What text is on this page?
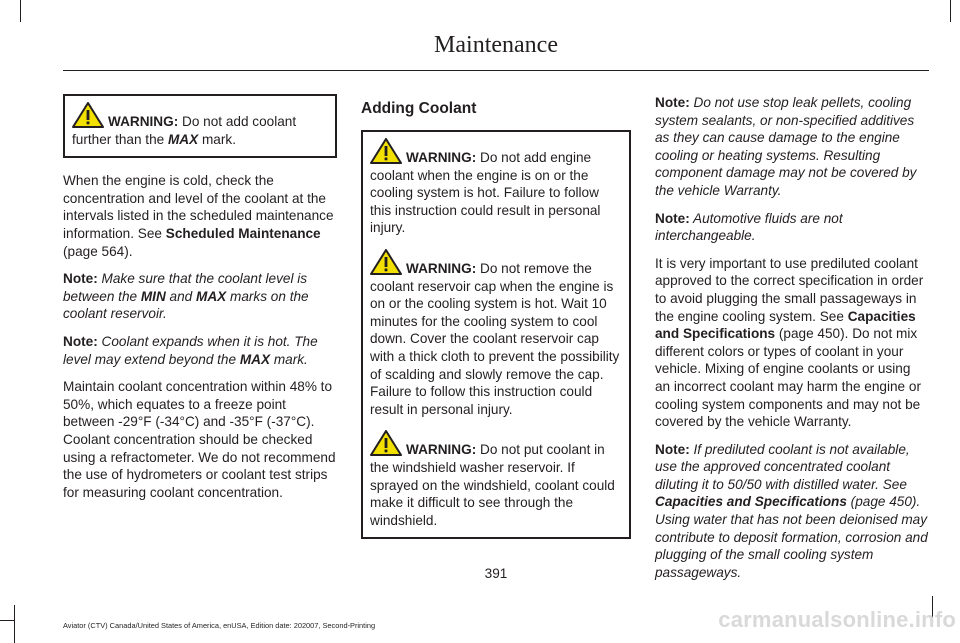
Maintenance

WARNING: Do not add coolant further than the MAX mark.

When the engine is cold, check the concentration and level of the coolant at the intervals listed in the scheduled maintenance information. See Scheduled Maintenance (page 564).

Note: Make sure that the coolant level is between the MIN and MAX marks on the coolant reservoir.

Note: Coolant expands when it is hot. The level may extend beyond the MAX mark.

Maintain coolant concentration within 48% to 50%, which equates to a freeze point between -29°F (-34°C) and -35°F (-37°C). Coolant concentration should be checked using a refractometer. We do not recommend the use of hydrometers or coolant test strips for measuring coolant concentration.

Adding Coolant

WARNING: Do not add engine coolant when the engine is on or the cooling system is hot. Failure to follow this instruction could result in personal injury.

WARNING: Do not remove the coolant reservoir cap when the engine is on or the cooling system is hot. Wait 10 minutes for the cooling system to cool down. Cover the coolant reservoir cap with a thick cloth to prevent the possibility of scalding and slowly remove the cap. Failure to follow this instruction could result in personal injury.

WARNING: Do not put coolant in the windshield washer reservoir. If sprayed on the windshield, coolant could make it difficult to see through the windshield.

Note: Do not use stop leak pellets, cooling system sealants, or non-specified additives as they can cause damage to the engine cooling or heating systems. Resulting component damage may not be covered by the vehicle Warranty.

Note: Automotive fluids are not interchangeable.

It is very important to use prediluted coolant approved to the correct specification in order to avoid plugging the small passageways in the engine cooling system. See Capacities and Specifications (page 450). Do not mix different colors or types of coolant in your vehicle. Mixing of engine coolants or using an incorrect coolant may harm the engine or cooling system components and may not be covered by the vehicle Warranty.

Note: If prediluted coolant is not available, use the approved concentrated coolant diluting it to 50/50 with distilled water. See Capacities and Specifications (page 450). Using water that has not been deionised may contribute to deposit formation, corrosion and plugging of the small cooling system passageways.

391
Aviator (CTV) Canada/United States of America, enUSA, Edition date: 202007, Second-Printing	carmanualsonline.info
